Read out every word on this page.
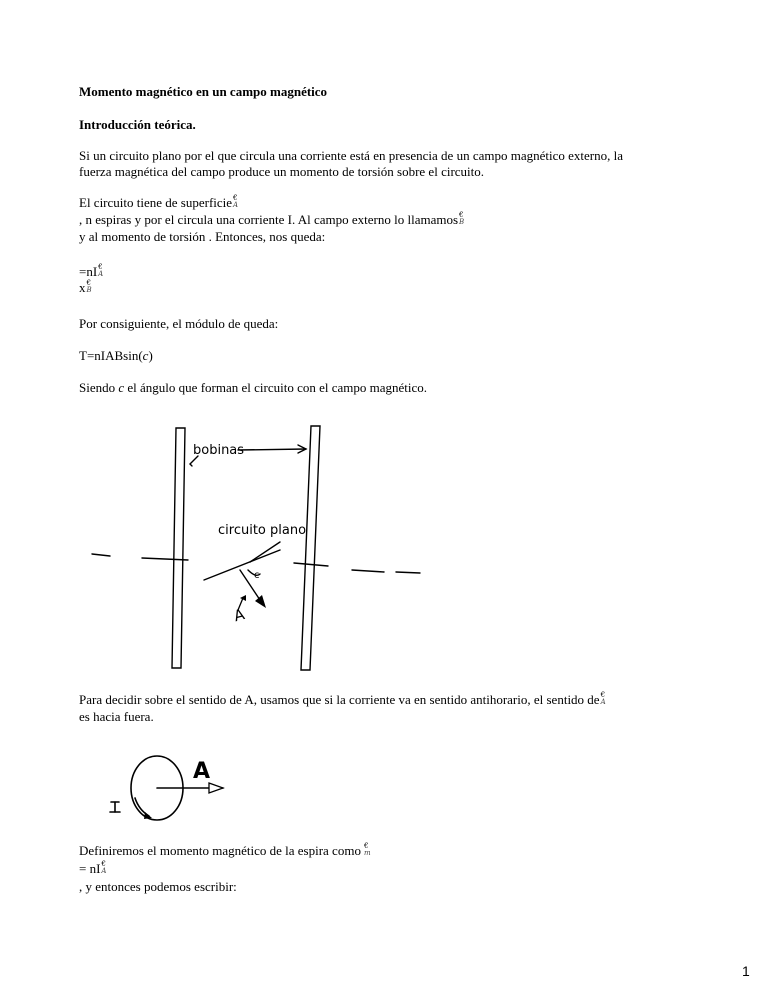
Momento magnético en un campo magnético
Introducción teórica.
Si un circuito plano por el que circula una corriente está en presencia de un campo magnético externo, la
fuerza magnética del campo produce un momento de torsión sobre el circuito.
El circuito tiene de superficie €
A
, n espiras y por el circula una corriente I. Al campo externo lo llamamos €
B
y al momento de torsión . Entonces, nos queda:
=nI €
A
x €
B
Por consiguiente, el módulo de queda:
T=nIABsin(c)
Siendo c el ángulo que forman el circuito con el campo magnético.
bobinas
circuito plano
c
A
Para decidir sobre el sentido de A, usamos que si la corriente va en sentido antihorario, el sentido de €
A
es hacia fuera.
A
I
Definiremos el momento magnético de la espira como €
m
= nI €
A
, y entonces podemos escribir:
1
